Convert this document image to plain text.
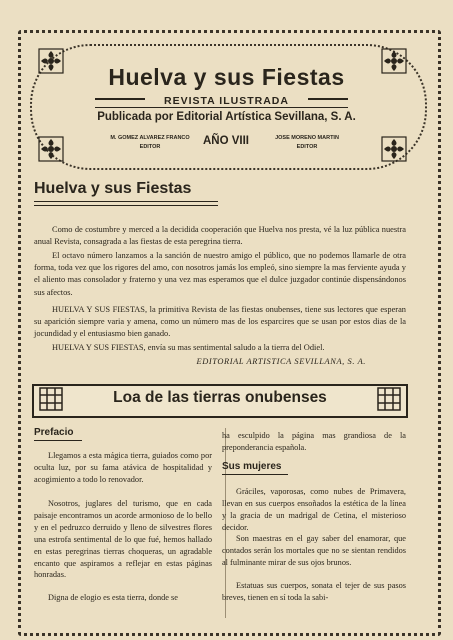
Huelva y sus Fiestas
REVISTA ILUSTRADA
Publicada por Editorial Artística Sevillana, S. A.
M. GOMEZ ALVAREZ FRANCO
EDITOR	AÑO VIII	JOSE MORENO MARTIN
EDITOR
Huelva y sus Fiestas

Como de costumbre y merced a la decidida cooperación que Huelva nos presta, vé la luz pública nuestra anual Revista, consagrada a las fiestas de esta peregrina tierra.

El octavo número lanzamos a la sanción de nuestro amigo el público, que no podemos llamarle de otra forma, toda vez que los rigores del amo, con nosotros jamás los empleó, sino siempre la mas ferviente ayuda y el aliento mas consolador y fraterno y una vez mas esperamos que el dulce juzgador continúe dispensándonos sus afectos.

HUELVA Y SUS FIESTAS, la primitiva Revista de las fiestas onubenses, tiene sus lectores que esperan su aparición siempre varia y amena, como un número mas de los esparcires que se usan por estos dias de la jocundidad y el entusiasmo bien ganado.

HUELVA Y SUS FIESTAS, envía su mas sentimental saludo a la tierra del Odiel.

EDITORIAL ARTISTICA SEVILLANA, S. A.

Loa de las tierras onubenses
Prefacio

Llegamos a esta mágica tierra, guiados como por oculta luz, por su fama atávica de hospitalidad y acogimiento a todo lo renovador.

Nosotros, juglares del turismo, que en cada paisaje encontramos un acorde armonioso de lo bello y en el pedruzco derruido y lleno de silvestres flores una estrofa sentimental de lo que fué, hemos hallado en estas peregrinas tierras choqueras, un agradable encanto que aspiramos a reflejar en estas páginas honradas.

Digna de elogio es esta tierra, donde se

ha esculpido la página mas grandiosa de la preponderancia española.

Sus mujeres

Gráciles, vaporosas, como nubes de Primavera, llevan en sus cuerpos ensoñados la estética de la línea y la gracia de un madrigal de Cetina, el misterioso decidor.

Son maestras en el gay saber del enamorar, que contados serán los mortales que no se sientan rendidos al fulminante mirar de sus ojos brunos.

Estatuas sus cuerpos, sonata el tejer de sus pasos breves, tienen en sí toda la sabi-
